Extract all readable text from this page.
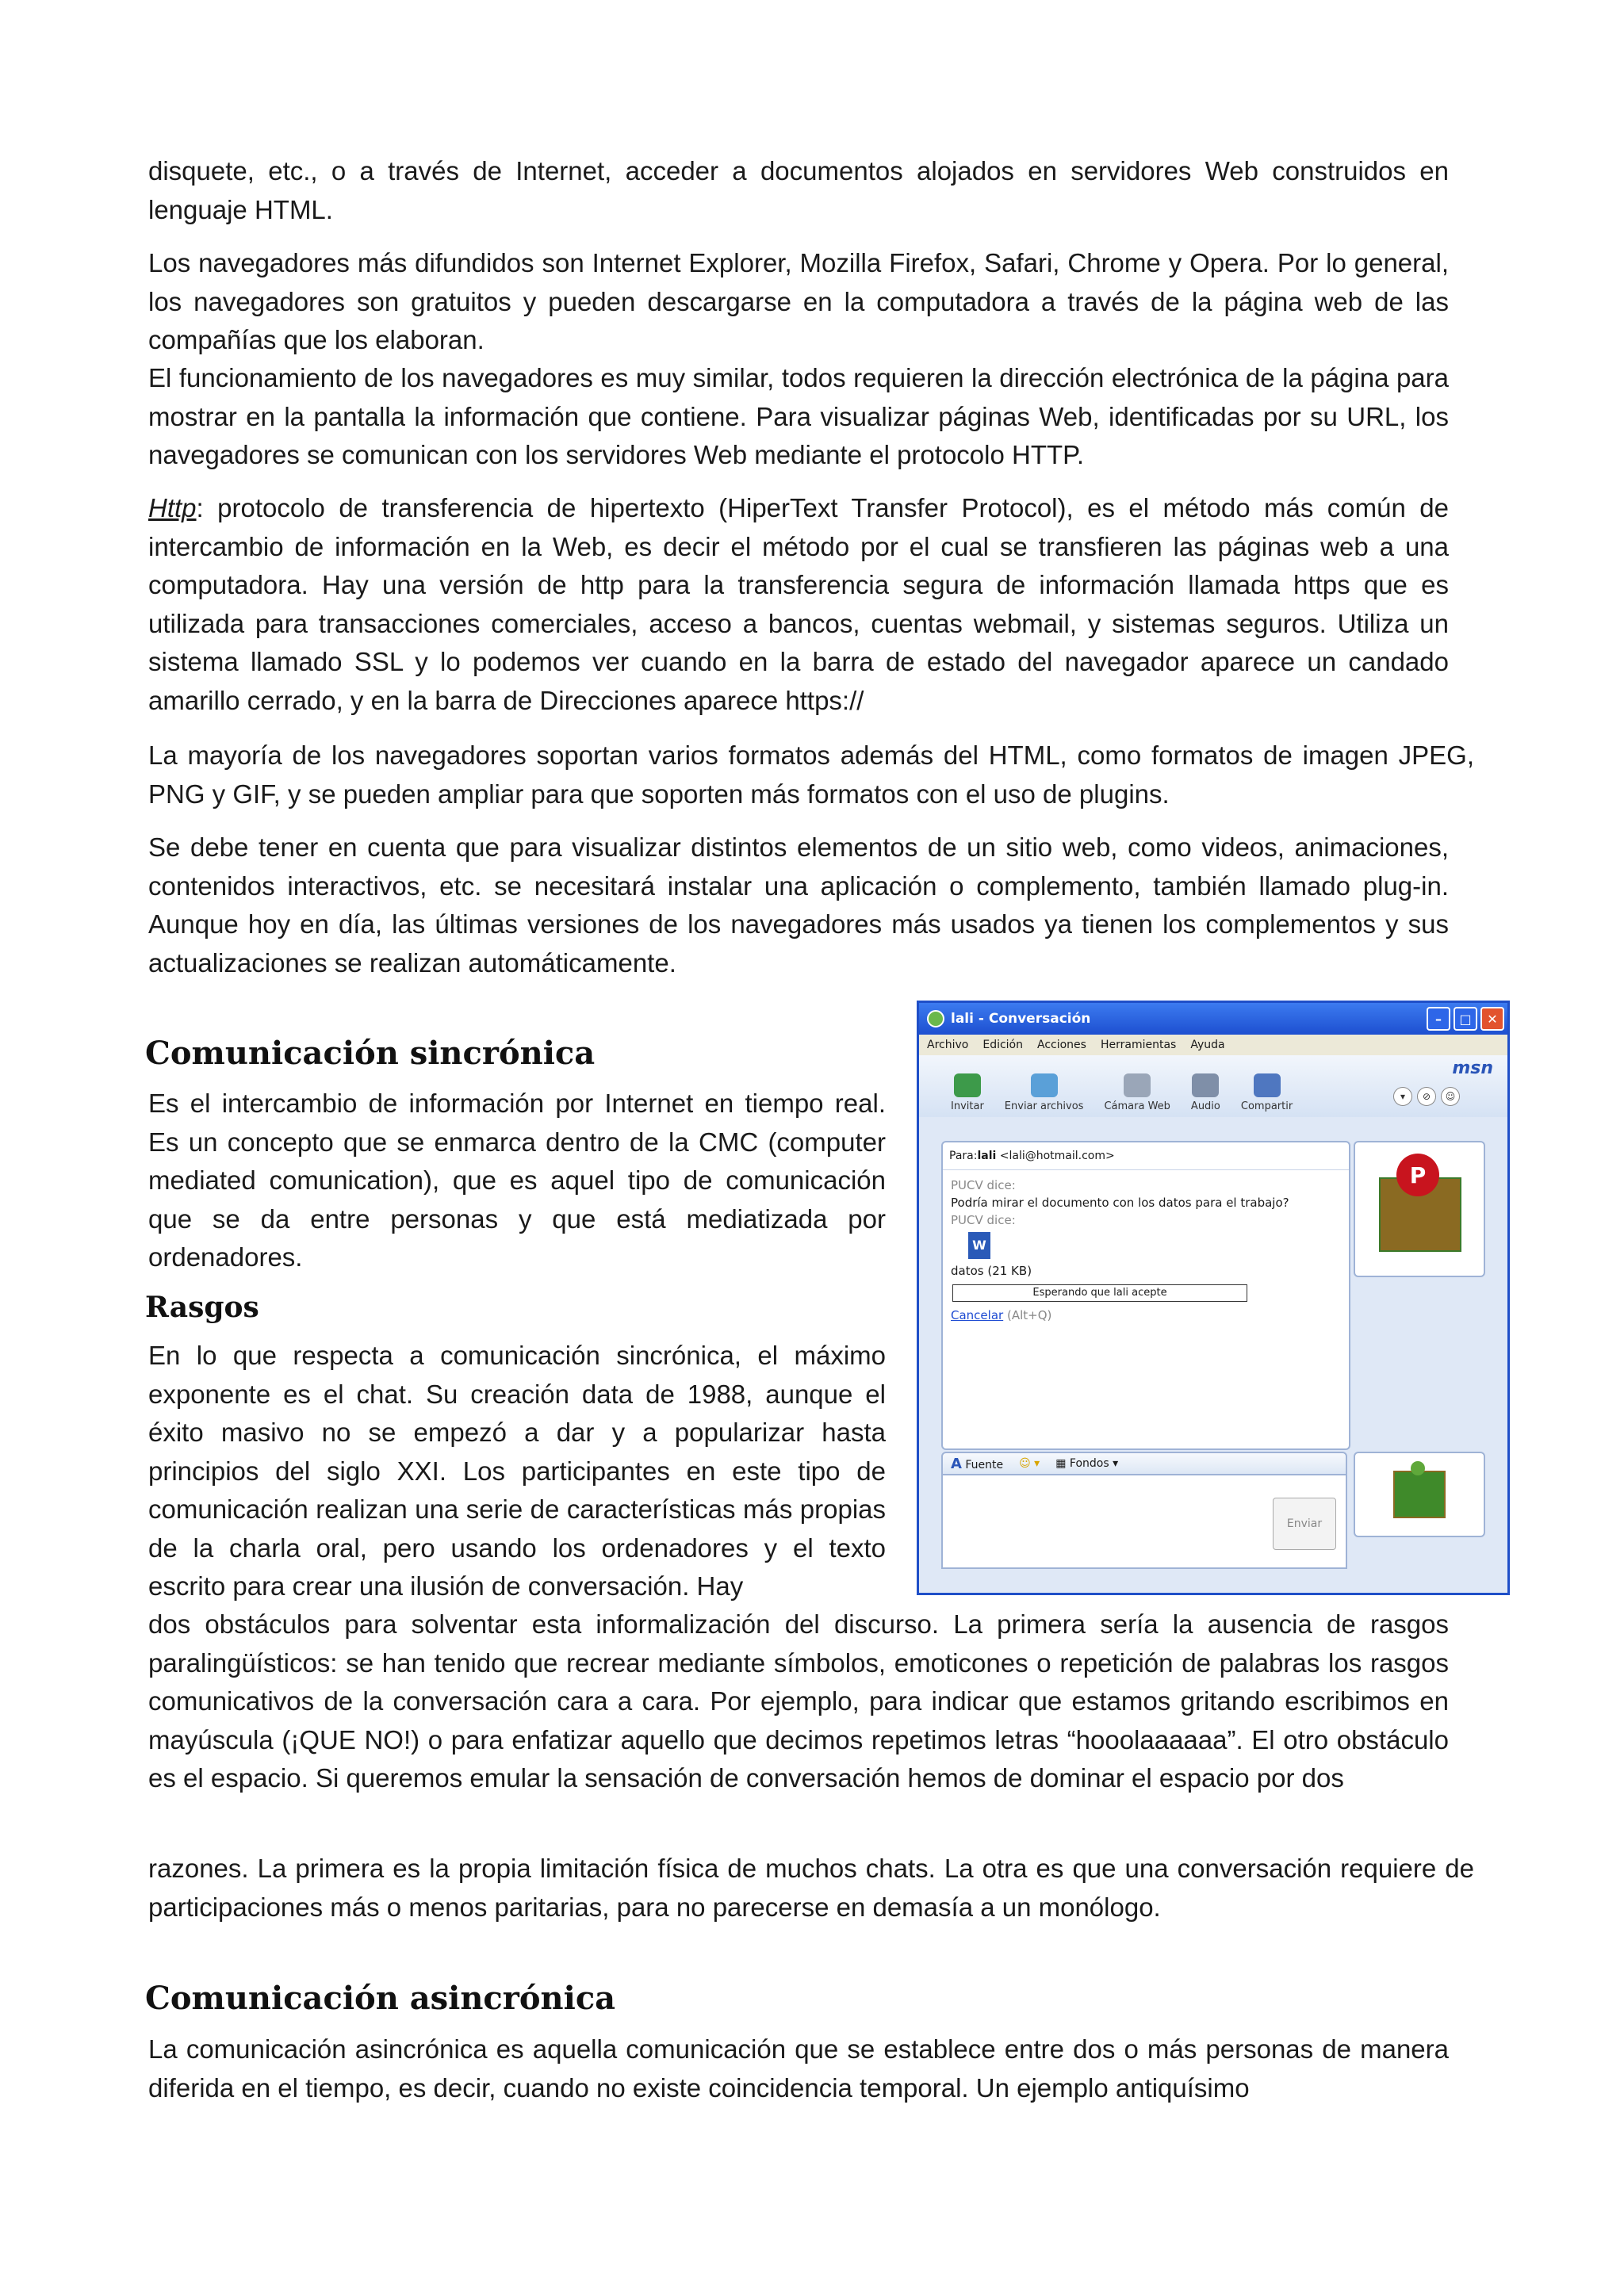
disquete, etc., o a través de Internet, acceder a documentos alojados en servidores Web construidos en lenguaje HTML.

Los navegadores más difundidos son Internet Explorer, Mozilla Firefox, Safari, Chrome y Opera. Por lo general, los navegadores son gratuitos y pueden descargarse en la computadora a través de la página web de las compañías que los elaboran.

El funcionamiento de los navegadores es muy similar, todos requieren la dirección electrónica de la página para mostrar en la pantalla la información que contiene. Para visualizar páginas Web, identificadas por su URL, los navegadores se comunican con los servidores Web mediante el protocolo HTTP.

Http: protocolo de transferencia de hipertexto (HiperText Transfer Protocol), es el método más común de intercambio de información en la Web, es decir el método por el cual se transfieren las páginas web a una computadora. Hay una versión de http para la transferencia segura de información llamada https que es utilizada para transacciones comerciales, acceso a bancos, cuentas webmail, y sistemas seguros. Utiliza un sistema llamado SSL y lo podemos ver cuando en la barra de estado del navegador aparece un candado amarillo cerrado, y en la barra de Direcciones aparece https://

La mayoría de los navegadores soportan varios formatos además del HTML, como formatos de imagen JPEG, PNG y GIF, y se pueden ampliar para que soporten más formatos con el uso de plugins.

Se debe tener en cuenta que para visualizar distintos elementos de un sitio web, como videos, animaciones, contenidos interactivos, etc. se necesitará instalar una aplicación o complemento, también llamado plug-in. Aunque hoy en día, las últimas versiones de los navegadores más usados ya tienen los complementos y sus actualizaciones se realizan automáticamente.

Comunicación sincrónica

Es el intercambio de información por Internet en tiempo real. Es un concepto que se enmarca dentro de la CMC (computer mediated comunication), que es aquel tipo de comunicación que se da entre personas y que está mediatizada por ordenadores.

Rasgos

En lo que respecta a comunicación sincrónica, el máximo exponente es el chat. Su creación data de 1988, aunque el éxito masivo no se empezó a dar y a popularizar hasta principios del siglo XXI. Los participantes en este tipo de comunicación realizan una serie de características más propias de la charla oral, pero usando los ordenadores y el texto escrito para crear una ilusión de conversación. Hay

dos obstáculos para solventar esta informalización del discurso. La primera sería la ausencia de rasgos paralingüísticos: se han tenido que recrear mediante símbolos, emoticones o repetición de palabras los rasgos comunicativos de la conversación cara a cara. Por ejemplo, para indicar que estamos gritando escribimos en mayúscula (¡QUE NO!) o para enfatizar aquello que decimos repetimos letras “hooolaaaaaa”. El otro obstáculo es el espacio. Si queremos emular la sensación de conversación hemos de dominar el espacio por dos

razones. La primera es la propia limitación física de muchos chats. La otra es que una conversación requiere de participaciones más o menos paritarias, para no parecerse en demasía a un monólogo.

Comunicación asincrónica

La comunicación asincrónica es aquella comunicación que se establece entre dos o más personas de manera diferida en el tiempo, es decir, cuando no existe coincidencia temporal. Un ejemplo antiquísimo

lali - Conversación	–	□	✕
Archivo Edición Acciones Herramientas Ayuda
Invitar Enviar archivos Cámara Web Audio Compartir
msn
▾	⊘	☺
Para: lali
<lali@hotmail.com>
PUCV dice:
Podría mirar el documento con los datos para el trabajo?
PUCV dice:
W
datos (21 KB)
Esperando que lali acepte
Cancelar (Alt+Q)
P
A Fuente ☺ ▾ ▦ Fondos ▾
Enviar
